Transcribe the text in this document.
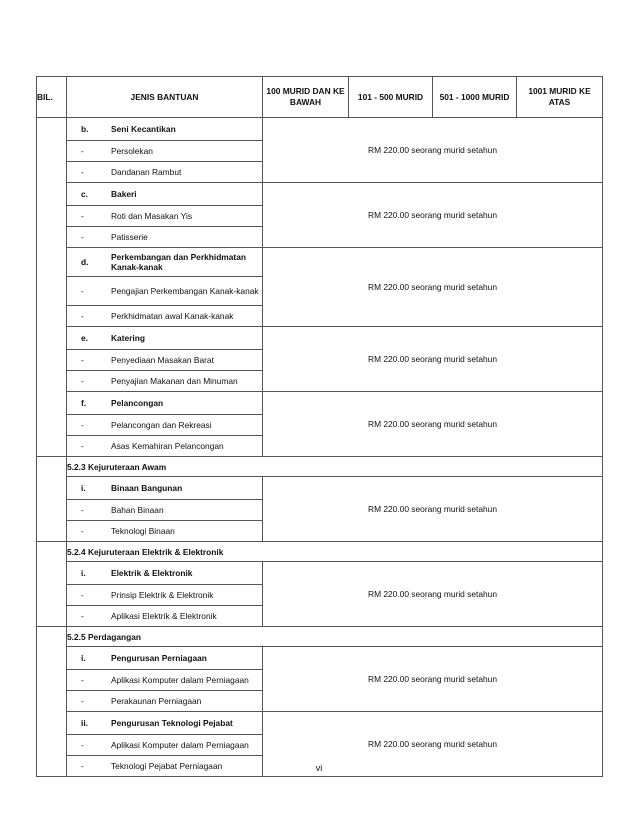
BIL.	JENIS BANTUAN	100 MURID DAN KE BAWAH	101 - 500 MURID	501 - 1000 MURID	1001 MURID KE ATAS

b.	Seni Kecantikan
-	Persolekan
-	Dandanan Rambut
	RM 220.00 seorang murid setahun

c.	Bakeri
-	Roti dan Masakan Yis
-	Patisserie
	RM 220.00 seorang murid setahun

d.	Perkembangan dan Perkhidmatan Kanak-kanak
-	Pengajian Perkembangan Kanak-kanak
-	Perkhidmatan awal Kanak-kanak
	RM 220.00 seorang murid setahun

e.	Katering
-	Penyediaan Masakan Barat
-	Penyajian Makanan dan Minuman
	RM 220.00 seorang murid setahun

f.	Pelancongan
-	Pelancongan dan Rekreasi
-	Asas Kemahiran Pelancongan
	RM 220.00 seorang murid setahun
	5.2.3 Kejuruteraan Awam

i.	Binaan Bangunan
-	Bahan Binaan
-	Teknologi Binaan
	RM 220.00 seorang murid setahun
	5.2.4 Kejuruteraan Elektrik & Elektronik

i.	Elektrik & Elektronik
-	Prinsip Elektrik & Elektronik
-	Aplikasi Elektrik & Elektronik
	RM 220.00 seorang murid setahun
	5.2.5 Perdagangan

i.	Pengurusan Perniagaan
-	Aplikasi Komputer dalam Perniagaan
-	Perakaunan Perniagaan
	RM 220.00 seorang murid setahun

ii.	Pengurusan Teknologi Pejabat
-	Aplikasi Komputer dalam Perniagaan
-	Teknologi Pejabat Perniagaan
	RM 220.00 seorang murid setahun
vi
